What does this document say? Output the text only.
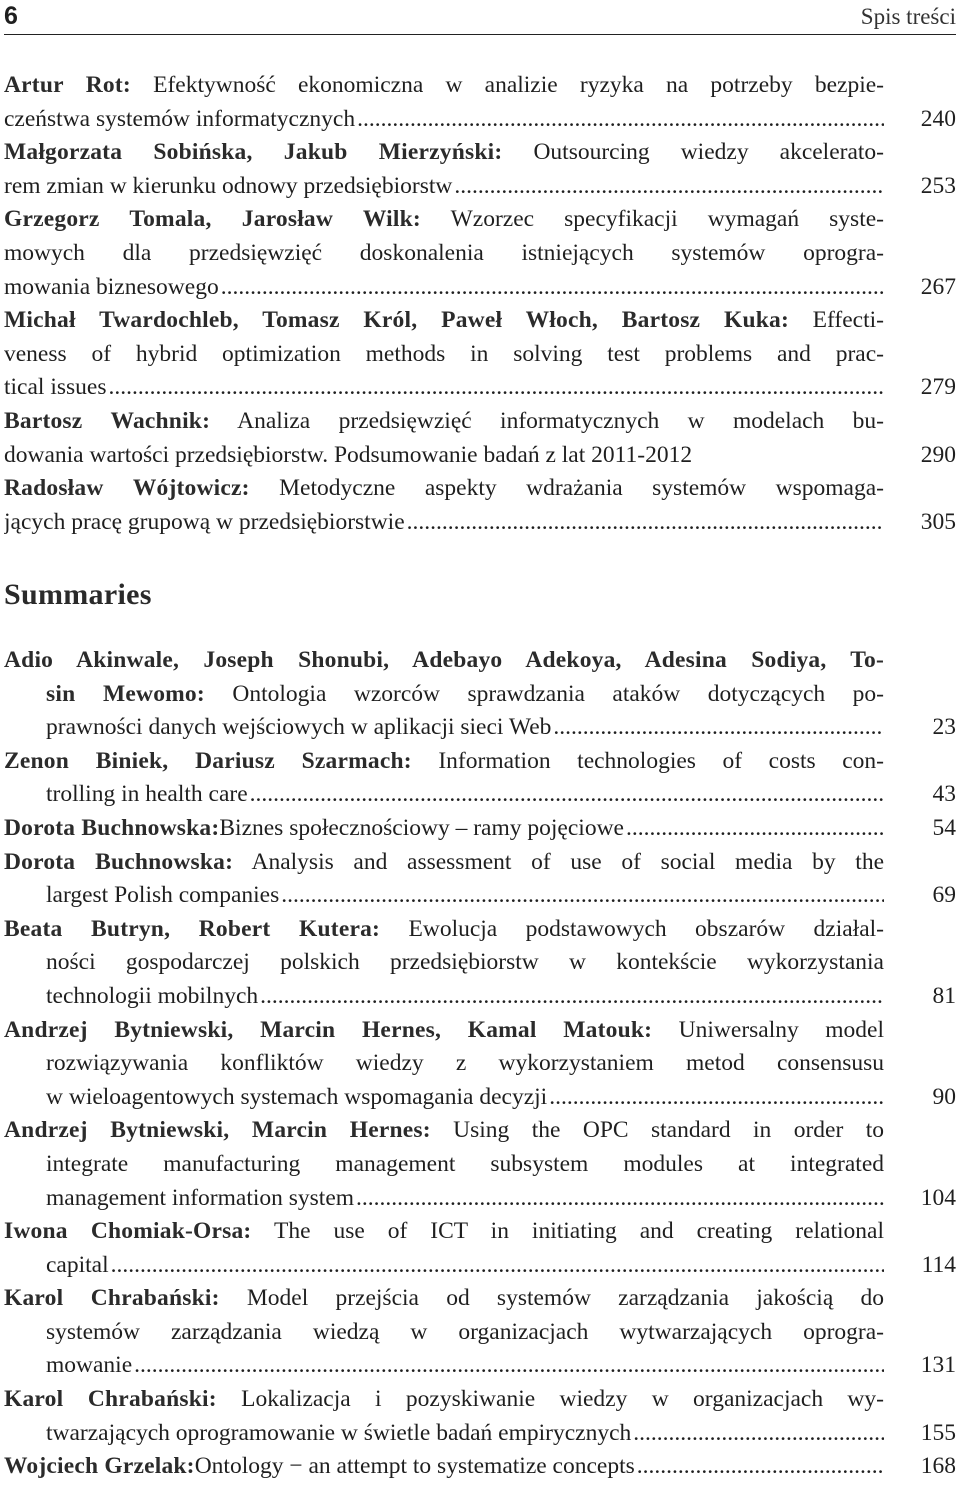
6	Spis treści
Artur Rot: Efektywność ekonomiczna w analizie ryzyka na potrzeby bezpie-
czeństwa systemów informatycznych .....	240
Małgorzata Sobińska, Jakub Mierzyński: Outsourcing wiedzy akcelerato-
rem zmian w kierunku odnowy przedsiębiorstw .....	253
Grzegorz Tomala, Jarosław Wilk: Wzorzec specyfikacji wymagań syste-
mowych dla przedsięwzięć doskonalenia istniejących systemów oprogra-
mowania biznesowego .....	267
Michał Twardochleb, Tomasz Król, Paweł Włoch, Bartosz Kuka: Effecti-
veness of hybrid optimization methods in solving test problems and prac-
tical issues .....	279
Bartosz Wachnik: Analiza przedsięwzięć informatycznych w modelach bu-
dowania wartości przedsiębiorstw. Podsumowanie badań z lat 2011-2012	290
Radosław Wójtowicz: Metodyczne aspekty wdrażania systemów wspomaga-
jących pracę grupową w przedsiębiorstwie .....	305
Summaries
Adio Akinwale, Joseph Shonubi, Adebayo Adekoya, Adesina Sodiya, To-
sin Mewomo: Ontologia wzorców sprawdzania ataków dotyczących po-
prawności danych wejściowych w aplikacji sieci Web .....	23
Zenon Biniek, Dariusz Szarmach: Information technologies of costs con-
trolling in health care .....	43
Dorota Buchnowska: Biznes społecznościowy – ramy pojęciowe .....	54
Dorota Buchnowska: Analysis and assessment of use of social media by the
largest Polish companies .....	69
Beata Butryn, Robert Kutera: Ewolucja podstawowych obszarów działal-
ności gospodarczej polskich przedsiębiorstw w kontekście wykorzystania
technologii mobilnych .....	81
Andrzej Bytniewski, Marcin Hernes, Kamal Matouk: Uniwersalny model
rozwiązywania konfliktów wiedzy z wykorzystaniem metod consensusu
w wieloagentowych systemach wspomagania decyzji .....	90
Andrzej Bytniewski, Marcin Hernes: Using the OPC standard in order to
integrate manufacturing management subsystem modules at integrated
management information system .....	104
Iwona Chomiak-Orsa: The use of ICT in initiating and creating relational
capital .....	114
Karol Chrabański: Model przejścia od systemów zarządzania jakością do
systemów zarządzania wiedzą w organizacjach wytwarzających oprogra-
mowanie .....	131
Karol Chrabański: Lokalizacja i pozyskiwanie wiedzy w organizacjach wy-
twarzających oprogramowanie w świetle badań empirycznych .....	155
Wojciech Grzelak: Ontology − an attempt to systematize concepts .....	168
